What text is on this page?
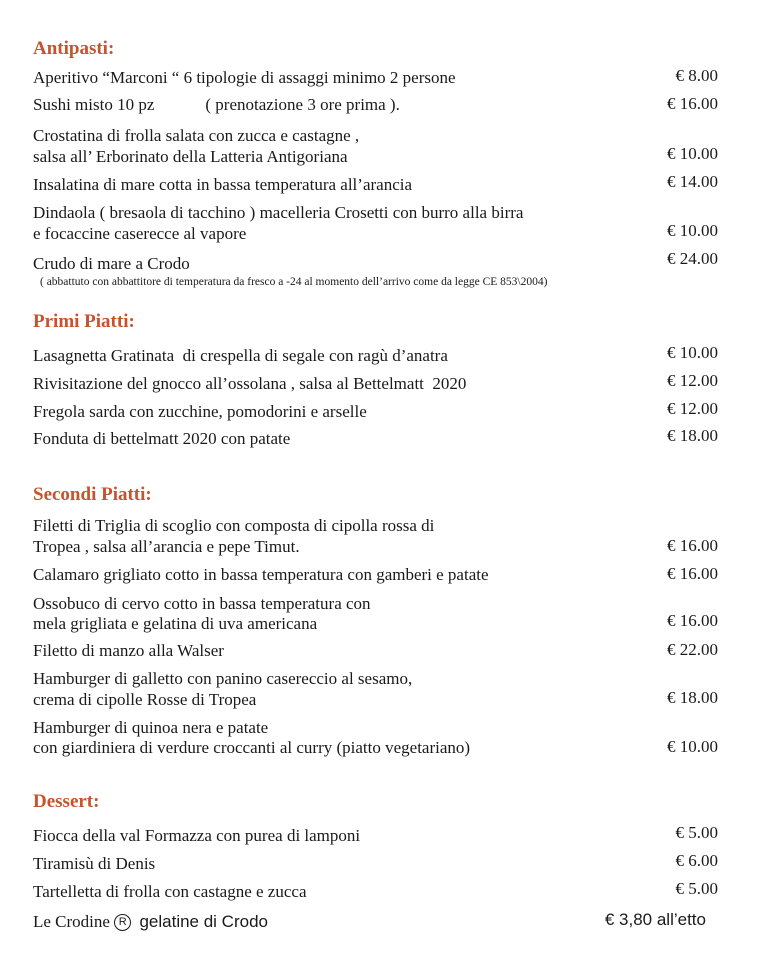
Antipasti:
Aperitivo “Marconi “ 6 tipologie di assaggi minimo 2 persone	€ 8.00
Sushi misto 10 pz            ( prenotazione 3 ore prima ).	€ 16.00
Crostatina di frolla salata con zucca e castagne ,
salsa all’ Erborinato della Latteria Antigoriana	€ 10.00
Insalatina di mare cotta in bassa temperatura all’arancia	€ 14.00
Dindaola ( bresaola di tacchino ) macelleria Crosetti con burro alla birra
e focaccine caserecce al vapore	€ 10.00
Crudo di mare a Crodo	€ 24.00
( abbattuto con abbattitore di temperatura da fresco a -24 al momento dell’arrivo come da legge CE 853\2004)
Primi Piatti:
Lasagnetta Gratinata  di crespella di segale con ragù d’anatra	€ 10.00
Rivisitazione del gnocco all’ossolana , salsa al Bettelmatt  2020	€ 12.00
Fregola sarda con zucchine, pomodorini e arselle	€ 12.00
Fonduta di bettelmatt 2020 con patate	€ 18.00
Secondi Piatti:
Filetti di Triglia di scoglio con composta di cipolla rossa di
Tropea , salsa all’arancia e pepe Timut.	€ 16.00
Calamaro grigliato cotto in bassa temperatura con gamberi e patate	€ 16.00
Ossobuco di cervo cotto in bassa temperatura con
mela grigliata e gelatina di uva americana	€ 16.00
Filetto di manzo alla Walser	€ 22.00
Hamburger di galletto con panino casereccio al sesamo,
crema di cipolle Rosse di Tropea	€ 18.00
Hamburger di quinoa nera e patate
con giardiniera di verdure croccanti al curry (piatto vegetariano)	€ 10.00
Dessert:
Fiocca della val Formazza con purea di lamponi	€ 5.00
Tiramisù di Denis	€ 6.00
Tartelletta di frolla con castagne e zucca	€ 5.00
Le Crodine R gelatine di Crodo	€ 3,80 all’etto
